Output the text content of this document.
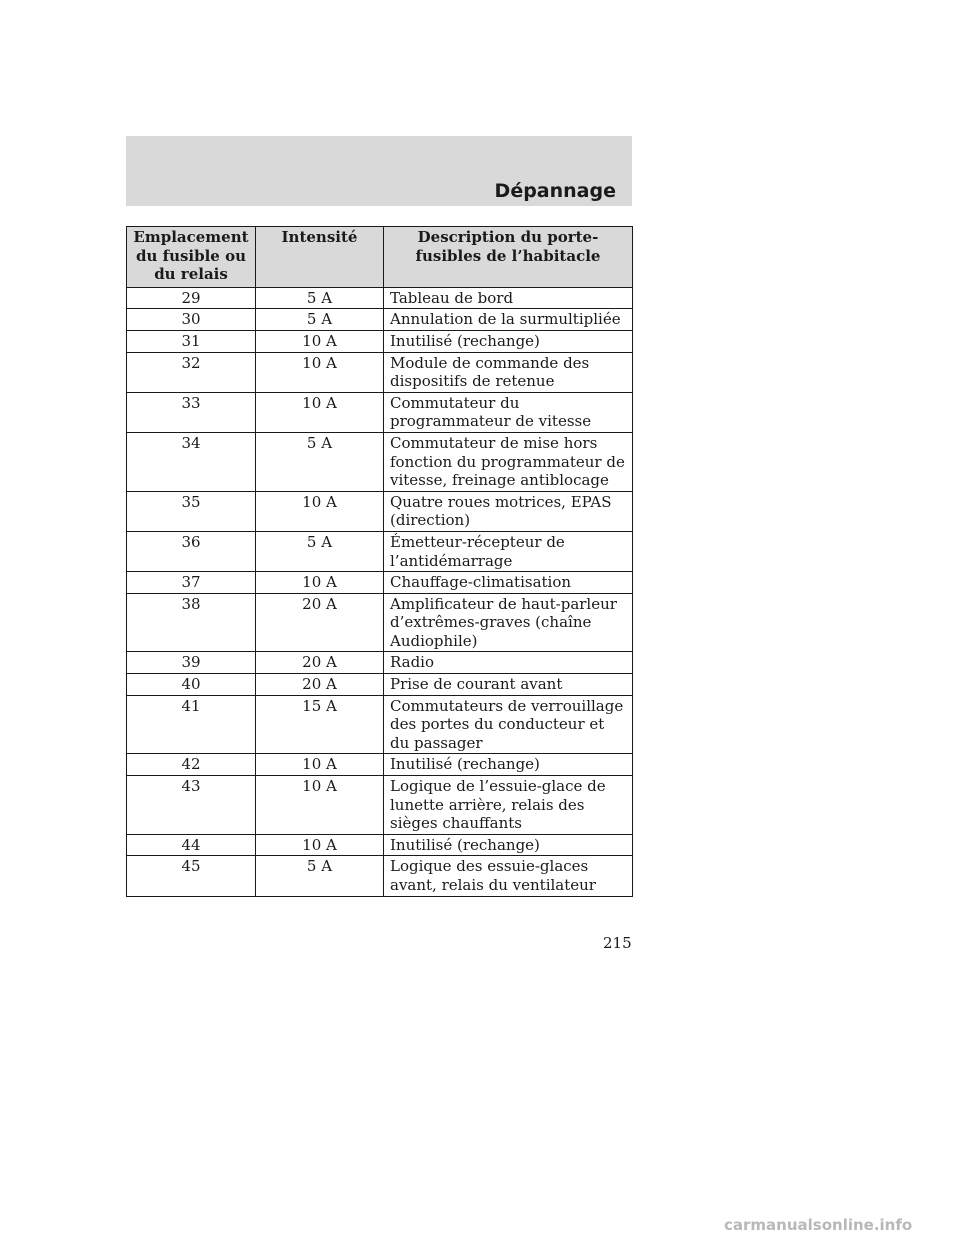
Dépannage
Emplacement du fusible ou du relais	Intensité	Description du porte-fusibles de l’habitacle
29	5 A	Tableau de bord
30	5 A	Annulation de la surmultipliée
31	10 A	Inutilisé (rechange)
32	10 A	Module de commande des dispositifs de retenue
33	10 A	Commutateur du programmateur de vitesse
34	5 A	Commutateur de mise hors fonction du programmateur de vitesse, freinage antiblocage
35	10 A	Quatre roues motrices, EPAS (direction)
36	5 A	Émetteur-récepteur de l’antidémarrage
37	10 A	Chauffage-climatisation
38	20 A	Amplificateur de haut-parleur d’extrêmes-graves (chaîne Audiophile)
39	20 A	Radio
40	20 A	Prise de courant avant
41	15 A	Commutateurs de verrouillage des portes du conducteur et du passager
42	10 A	Inutilisé (rechange)
43	10 A	Logique de l’essuie-glace de lunette arrière, relais des sièges chauffants
44	10 A	Inutilisé (rechange)
45	5 A	Logique des essuie-glaces avant, relais du ventilateur
215
carmanualsonline.info
